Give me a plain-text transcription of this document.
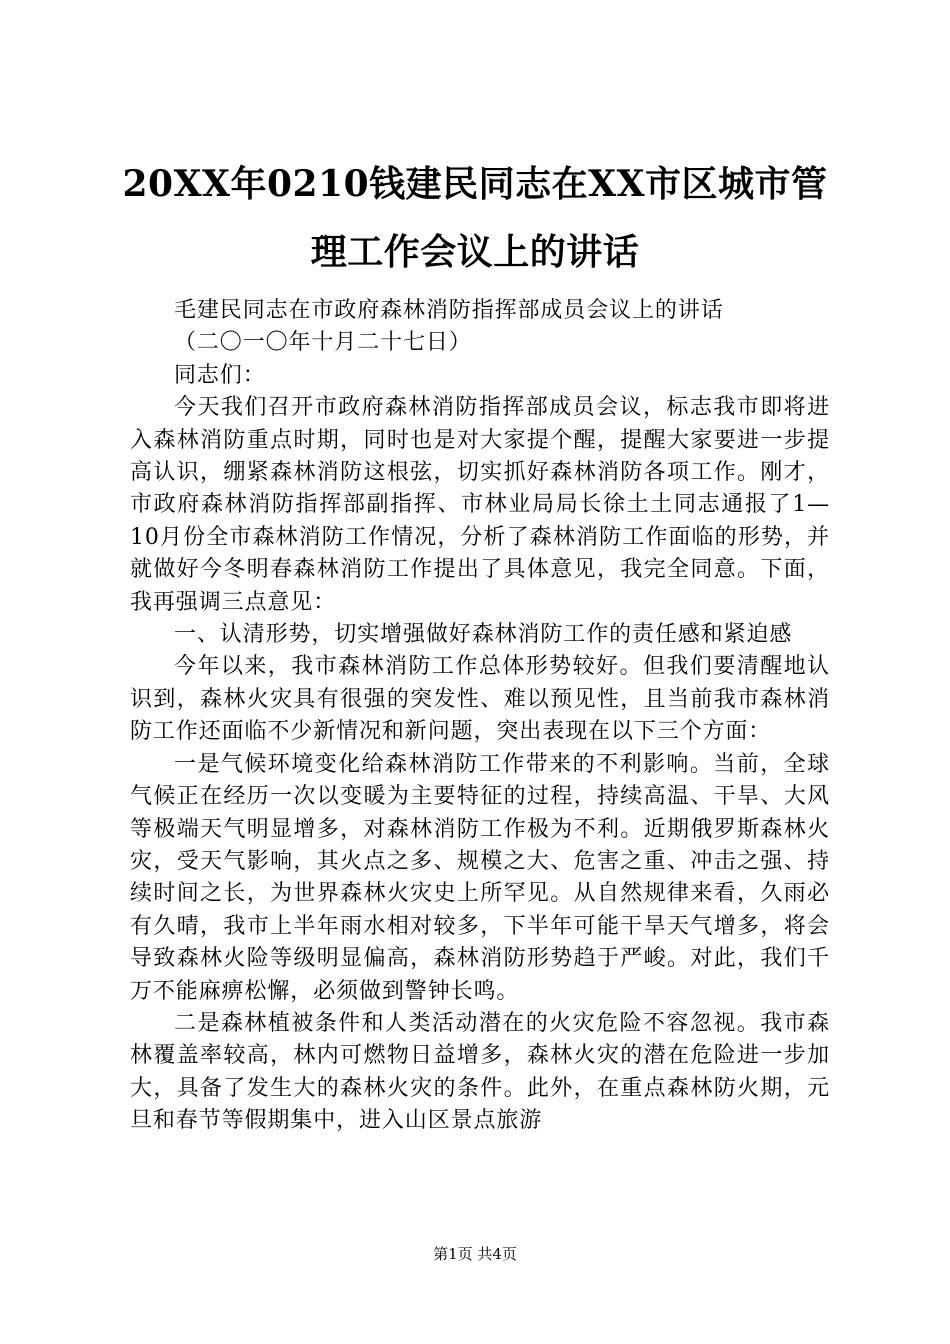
20XX年0210钱建民同志在XX市区城市管理工作会议上的讲话

毛建民同志在市政府森林消防指挥部成员会议上的讲话

（二〇一〇年十月二十七日）

同志们：

今天我们召开市政府森林消防指挥部成员会议，标志我市即将进入森林消防重点时期，同时也是对大家提个醒，提醒大家要进一步提高认识，绷紧森林消防这根弦，切实抓好森林消防各项工作。刚才，市政府森林消防指挥部副指挥、市林业局局长徐土土同志通报了1—10月份全市森林消防工作情况，分析了森林消防工作面临的形势，并就做好今冬明春森林消防工作提出了具体意见，我完全同意。下面，我再强调三点意见：

一、认清形势，切实增强做好森林消防工作的责任感和紧迫感

今年以来，我市森林消防工作总体形势较好。但我们要清醒地认识到，森林火灾具有很强的突发性、难以预见性，且当前我市森林消防工作还面临不少新情况和新问题，突出表现在以下三个方面：

一是气候环境变化给森林消防工作带来的不利影响。当前，全球气候正在经历一次以变暖为主要特征的过程，持续高温、干旱、大风等极端天气明显增多，对森林消防工作极为不利。近期俄罗斯森林火灾，受天气影响，其火点之多、规模之大、危害之重、冲击之强、持续时间之长，为世界森林火灾史上所罕见。从自然规律来看，久雨必有久晴，我市上半年雨水相对较多，下半年可能干旱天气增多，将会导致森林火险等级明显偏高，森林消防形势趋于严峻。对此，我们千万不能麻痹松懈，必须做到警钟长鸣。

二是森林植被条件和人类活动潜在的火灾危险不容忽视。我市森林覆盖率较高，林内可燃物日益增多，森林火灾的潜在危险进一步加大，具备了发生大的森林火灾的条件。此外，在重点森林防火期，元旦和春节等假期集中，进入山区景点旅游

第1页 共4页
